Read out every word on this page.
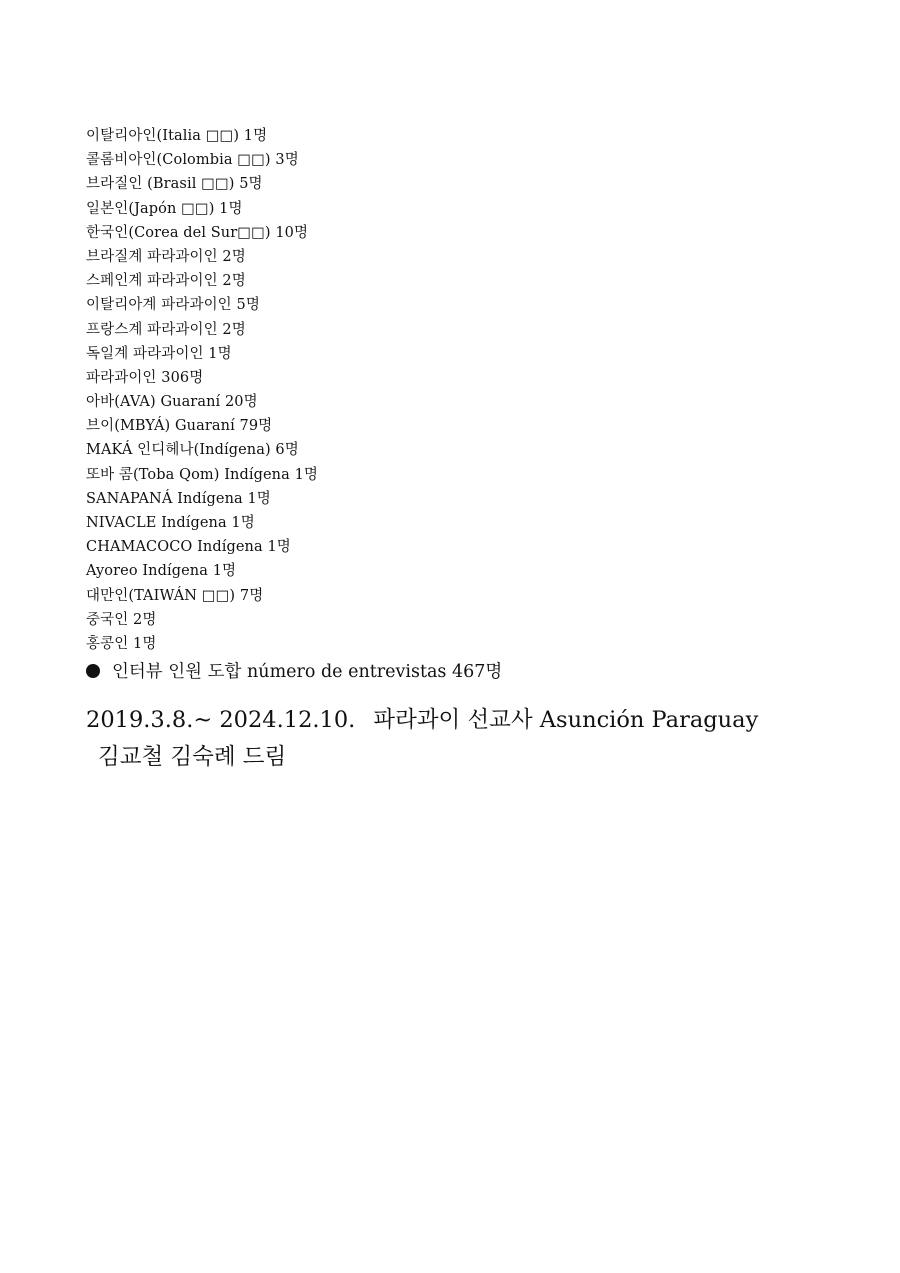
이탈리아인(Italia □□) 1명
콜롬비아인(Colombia □□) 3명
브라질인 (Brasil □□) 5명
일본인(Japón □□) 1명
한국인(Corea del Sur□□) 10명
브라질계 파라과이인 2명
스페인계 파라과이인 2명
이탈리아계 파라과이인 5명
프랑스계 파라과이인 2명
독일계 파라과이인 1명
파라과이인 306명
아바(AVA) Guaraní 20명
브이(MBYÁ) Guaraní 79명
MAKÁ 인디헤나(Indígena) 6명
또바 콤(Toba Qom) Indígena 1명
SANAPANÁ Indígena 1명
NIVACLE Indígena 1명
CHAMACOCO Indígena 1명
Ayoreo Indígena 1명
대만인(TAIWÁN □□) 7명
중국인 2명
홍콩인 1명
인터뷰 인원 도합 número de entrevistas 467명
2019.3.8.~ 2024.12.10. 파라과이 선교사 Asunción Paraguay
김교철 김숙례 드림
